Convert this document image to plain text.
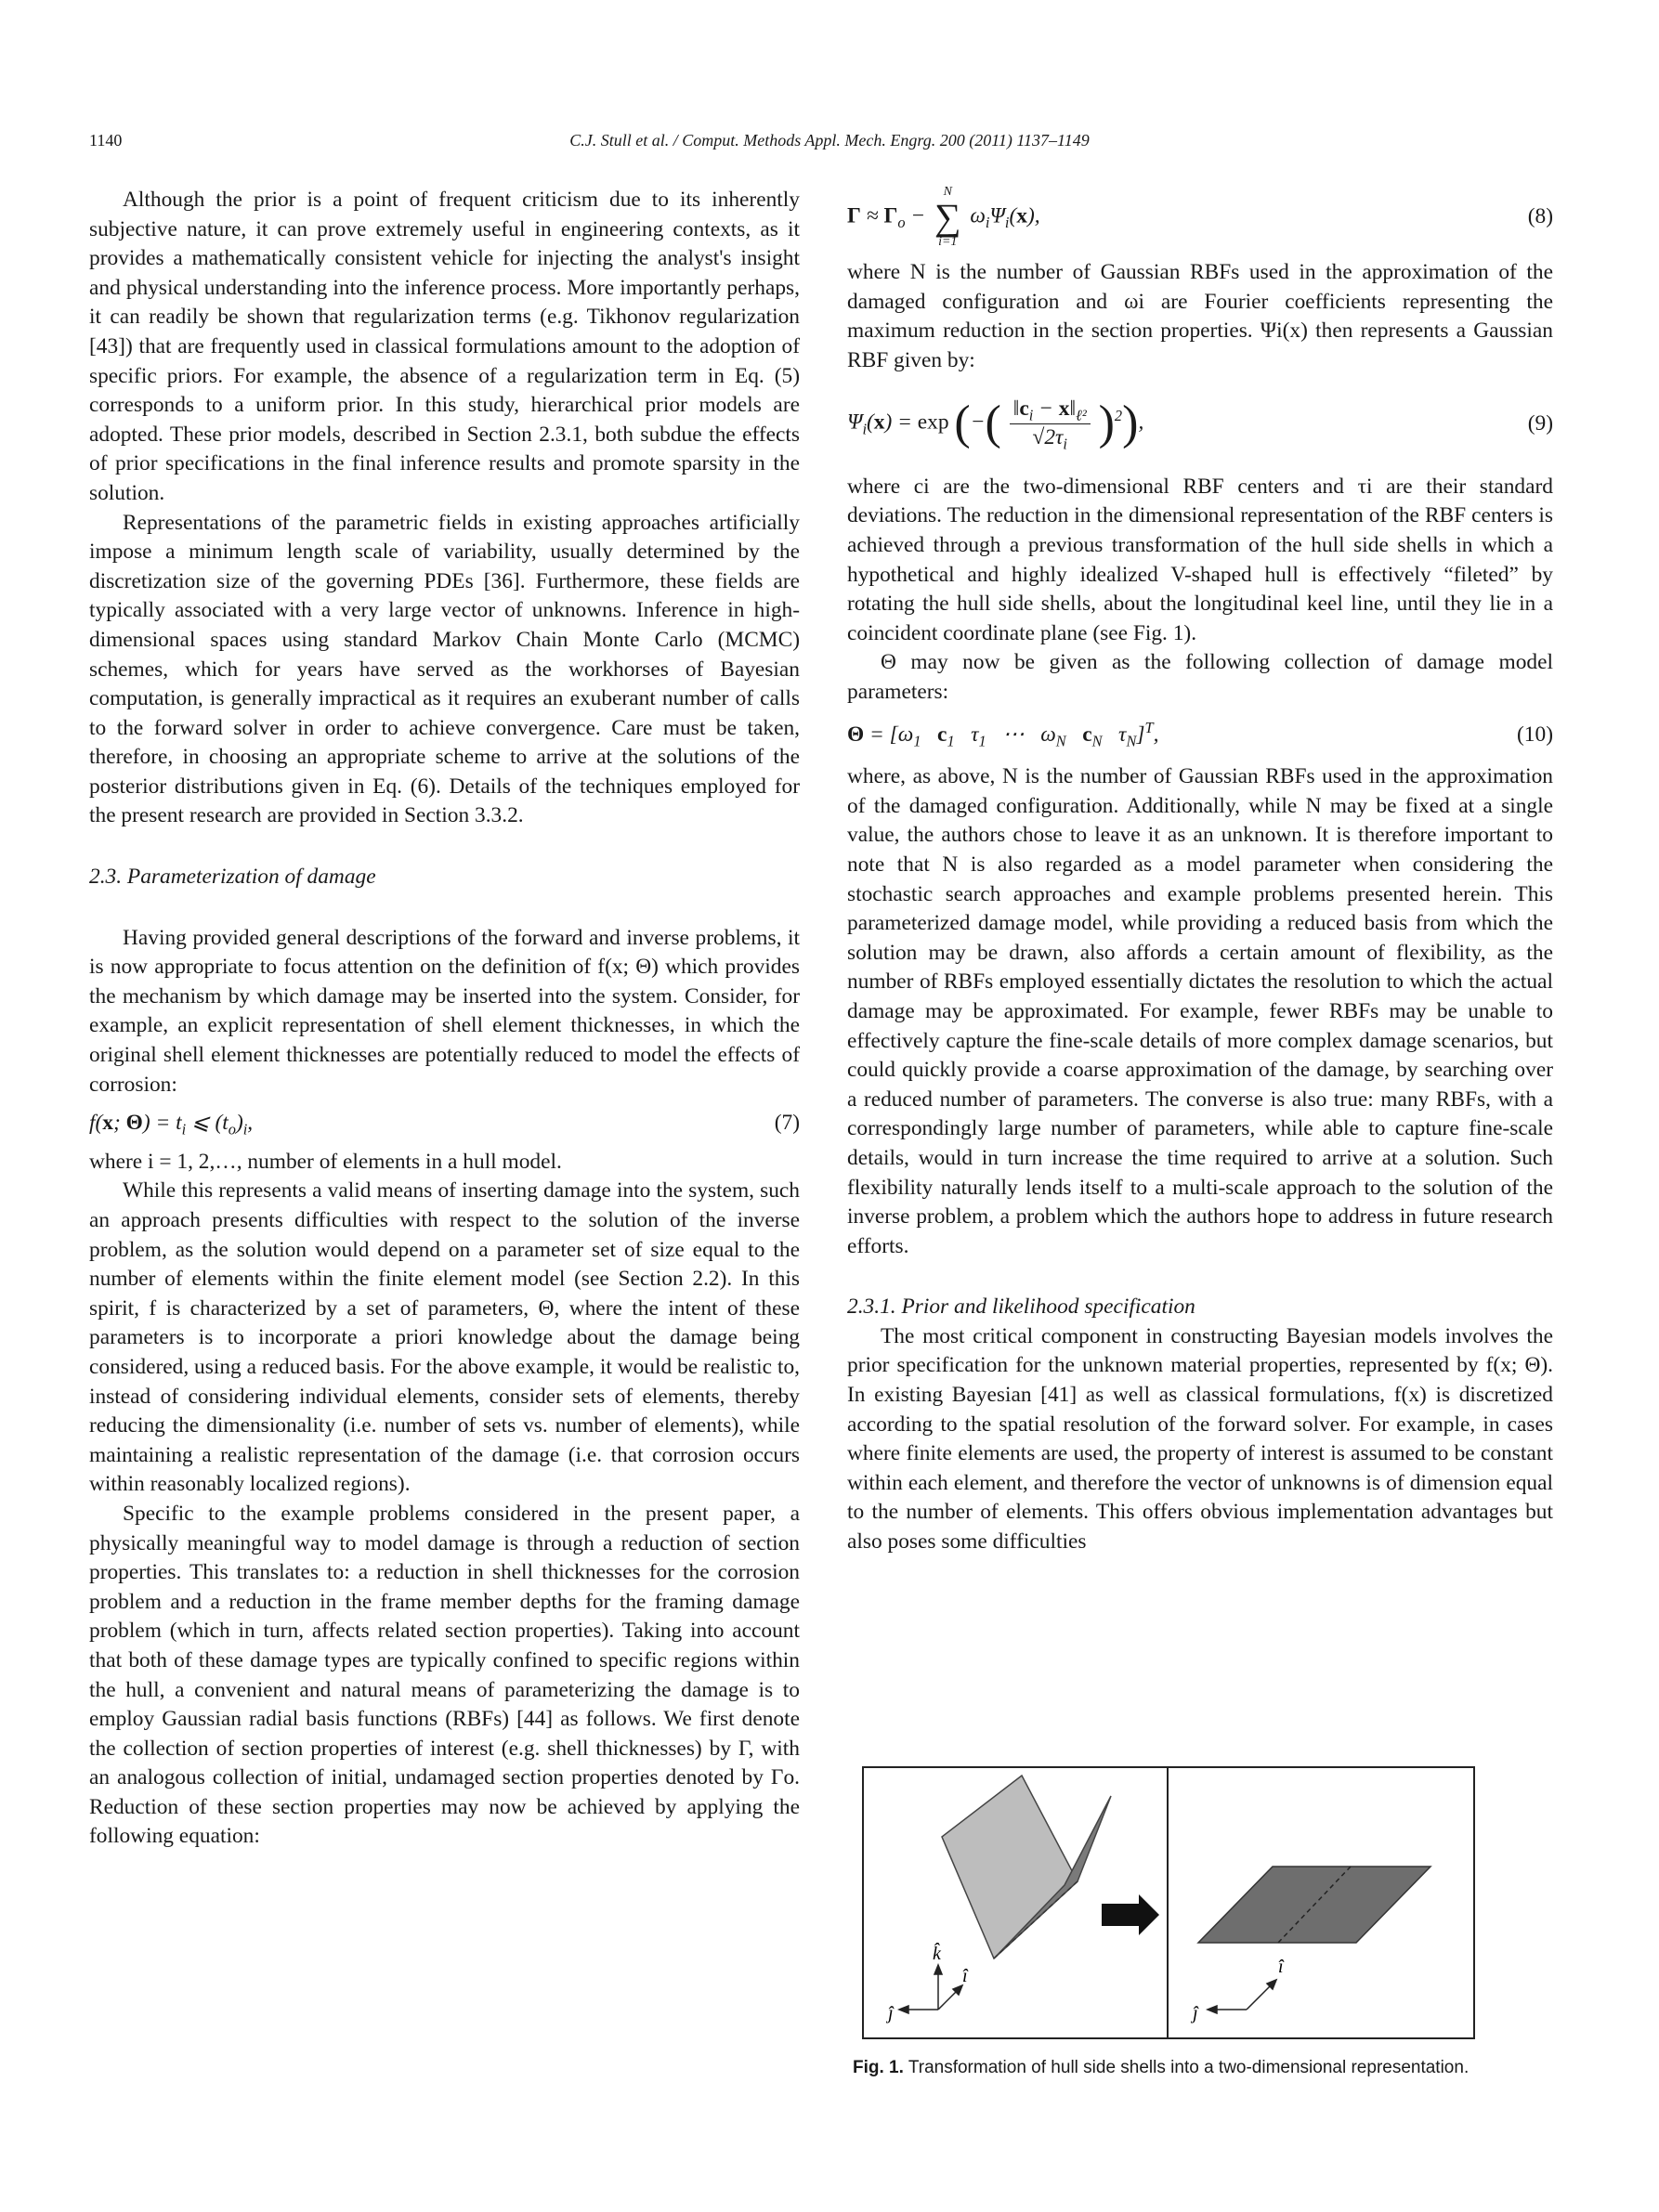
1140	C.J. Stull et al. / Comput. Methods Appl. Mech. Engrg. 200 (2011) 1137–1149

Although the prior is a point of frequent criticism due to its inherently subjective nature, it can prove extremely useful in engineering contexts, as it provides a mathematically consistent vehicle for injecting the analyst's insight and physical understanding into the inference process. More importantly perhaps, it can readily be shown that regularization terms (e.g. Tikhonov regularization [43]) that are frequently used in classical formulations amount to the adoption of specific priors. For example, the absence of a regularization term in Eq. (5) corresponds to a uniform prior. In this study, hierarchical prior models are adopted. These prior models, described in Section 2.3.1, both subdue the effects of prior specifications in the final inference results and promote sparsity in the solution.

Representations of the parametric fields in existing approaches artificially impose a minimum length scale of variability, usually determined by the discretization size of the governing PDEs [36]. Furthermore, these fields are typically associated with a very large vector of unknowns. Inference in high-dimensional spaces using standard Markov Chain Monte Carlo (MCMC) schemes, which for years have served as the workhorses of Bayesian computation, is generally impractical as it requires an exuberant number of calls to the forward solver in order to achieve convergence. Care must be taken, therefore, in choosing an appropriate scheme to arrive at the solutions of the posterior distributions given in Eq. (6). Details of the techniques employed for the present research are provided in Section 3.3.2.

2.3. Parameterization of damage

Having provided general descriptions of the forward and inverse problems, it is now appropriate to focus attention on the definition of f(x; Θ) which provides the mechanism by which damage may be inserted into the system. Consider, for example, an explicit representation of shell element thicknesses, in which the original shell element thicknesses are potentially reduced to model the effects of corrosion:

f(x; $\Theta) = t_i$ ⩽ $(t_o)_i$,	(7)

where i = 1, 2,…, number of elements in a hull model.

While this represents a valid means of inserting damage into the system, such an approach presents difficulties with respect to the solution of the inverse problem, as the solution would depend on a parameter set of size equal to the number of elements within the finite element model (see Section 2.2). In this spirit, f is characterized by a set of parameters, Θ, where the intent of these parameters is to incorporate a priori knowledge about the damage being considered, using a reduced basis. For the above example, it would be realistic to, instead of considering individual elements, consider sets of elements, thereby reducing the dimensionality (i.e. number of sets vs. number of elements), while maintaining a realistic representation of the damage (i.e. that corrosion occurs within reasonably localized regions).

Specific to the example problems considered in the present paper, a physically meaningful way to model damage is through a reduction of section properties. This translates to: a reduction in shell thicknesses for the corrosion problem and a reduction in the frame member depths for the framing damage problem (which in turn, affects related section properties). Taking into account that both of these damage types are typically confined to specific regions within the hull, a convenient and natural means of parameterizing the damage is to employ Gaussian radial basis functions (RBFs) [44] as follows. We first denote the collection of section properties of interest (e.g. shell thicknesses) by Γ, with an analogous collection of initial, undamaged section properties denoted by Γo. Reduction of these section properties may now be achieved by applying the following equation:

$\Gamma \approx \Gamma_o$ −
N
∑
i=1
$\omega_i\Psi_i(x)$,	(8)

where N is the number of Gaussian RBFs used in the approximation of the damaged configuration and ωi are Fourier coefficients representing the maximum reduction in the section properties. Ψi(x) then represents a Gaussian RBF given by:

$\Psi_i(x) = \exp$ (−( $\frac{‖c_i - x‖_{\ell^2}}{√2\tau_i} )^2$),	(9)

where ci are the two-dimensional RBF centers and τi are their standard deviations. The reduction in the dimensional representation of the RBF centers is achieved through a previous transformation of the hull side shells in which a hypothetical and highly idealized V-shaped hull is effectively “fileted” by rotating the hull side shells, about the longitudinal keel line, until they lie in a coincident coordinate plane (see Fig. 1).

Θ may now be given as the following collection of damage model parameters:

$\Theta = [\omega_1$ $c_1$   $\tau_1$   ⋯   $\omega_N$ $c_N$   $\tau_N]^T$,	(10)

where, as above, N is the number of Gaussian RBFs used in the approximation of the damaged configuration. Additionally, while N may be fixed at a single value, the authors chose to leave it as an unknown. It is therefore important to note that N is also regarded as a model parameter when considering the stochastic search approaches and example problems presented herein. This parameterized damage model, while providing a reduced basis from which the solution may be drawn, also affords a certain amount of flexibility, as the number of RBFs employed essentially dictates the resolution to which the actual damage may be approximated. For example, fewer RBFs may be unable to effectively capture the fine-scale details of more complex damage scenarios, but could quickly provide a coarse approximation of the damage, by searching over a reduced number of parameters. The converse is also true: many RBFs, with a correspondingly large number of parameters, while able to capture fine-scale details, would in turn increase the time required to arrive at a solution. Such flexibility naturally lends itself to a multi-scale approach to the solution of the inverse problem, a problem which the authors hope to address in future research efforts.

2.3.1. Prior and likelihood specification

The most critical component in constructing Bayesian models involves the prior specification for the unknown material properties, represented by f(x; Θ). In existing Bayesian [41] as well as classical formulations, f(x) is discretized according to the spatial resolution of the forward solver. For example, in cases where finite elements are used, the property of interest is assumed to be constant within each element, and therefore the vector of unknowns is of dimension equal to the number of elements. This offers obvious implementation advantages but also poses some difficulties

k̂
î
ĵ
î
ĵ
Fig. 1. Transformation of hull side shells into a two-dimensional representation.
